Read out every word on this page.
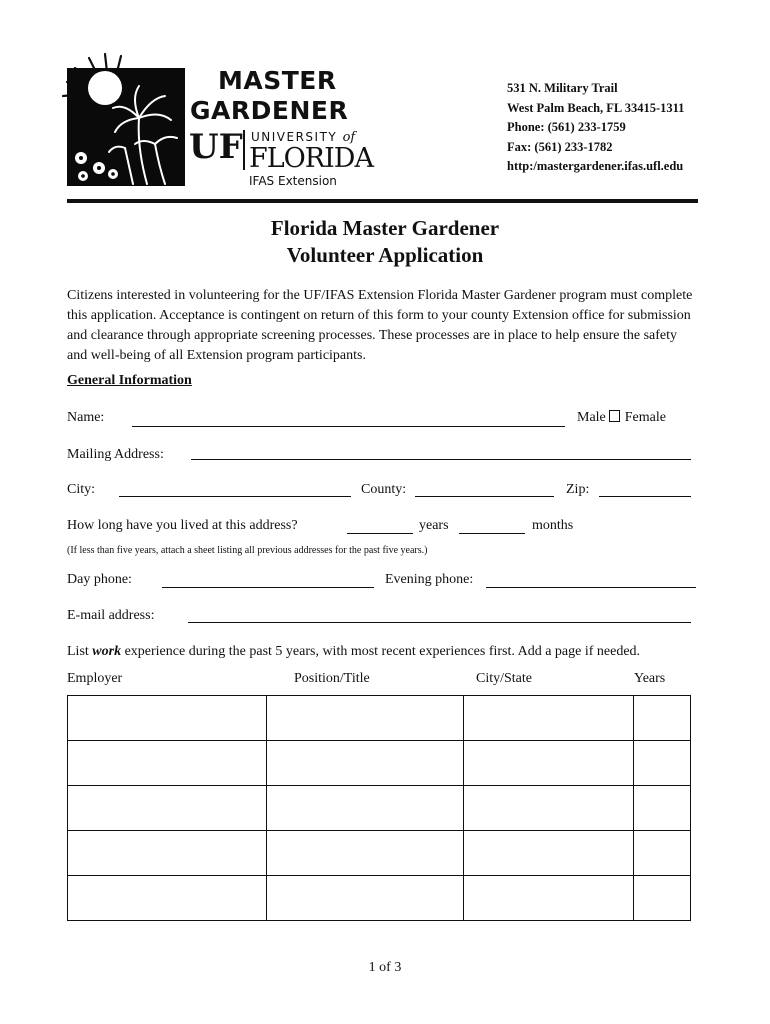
MASTER
GARDENER
UF UNIVERSITY of
FLORIDA
IFAS Extension
531 N. Military Trail
West Palm Beach, FL 33415-1311
Phone: (561) 233-1759
Fax: (561) 233-1782
http:/mastergardener.ifas.ufl.edu
Florida Master Gardener
Volunteer Application
Citizens interested in volunteering for the UF/IFAS Extension Florida Master Gardener program must complete this application. Acceptance is contingent on return of this form to your county Extension office for submission and clearance through appropriate screening processes. These processes are in place to help ensure the safety and well-being of all Extension program participants.
General Information
Name:	Male Female
Mailing Address:
City:	County:	Zip:
How long have you lived at this address?	years	months
(If less than five years, attach a sheet listing all previous addresses for the past five years.)
Day phone:	Evening phone:
E-mail address:
List work experience during the past 5 years, with most recent experiences first. Add a page if needed.
Employer	Position/Title	City/State	Years

1 of 3
